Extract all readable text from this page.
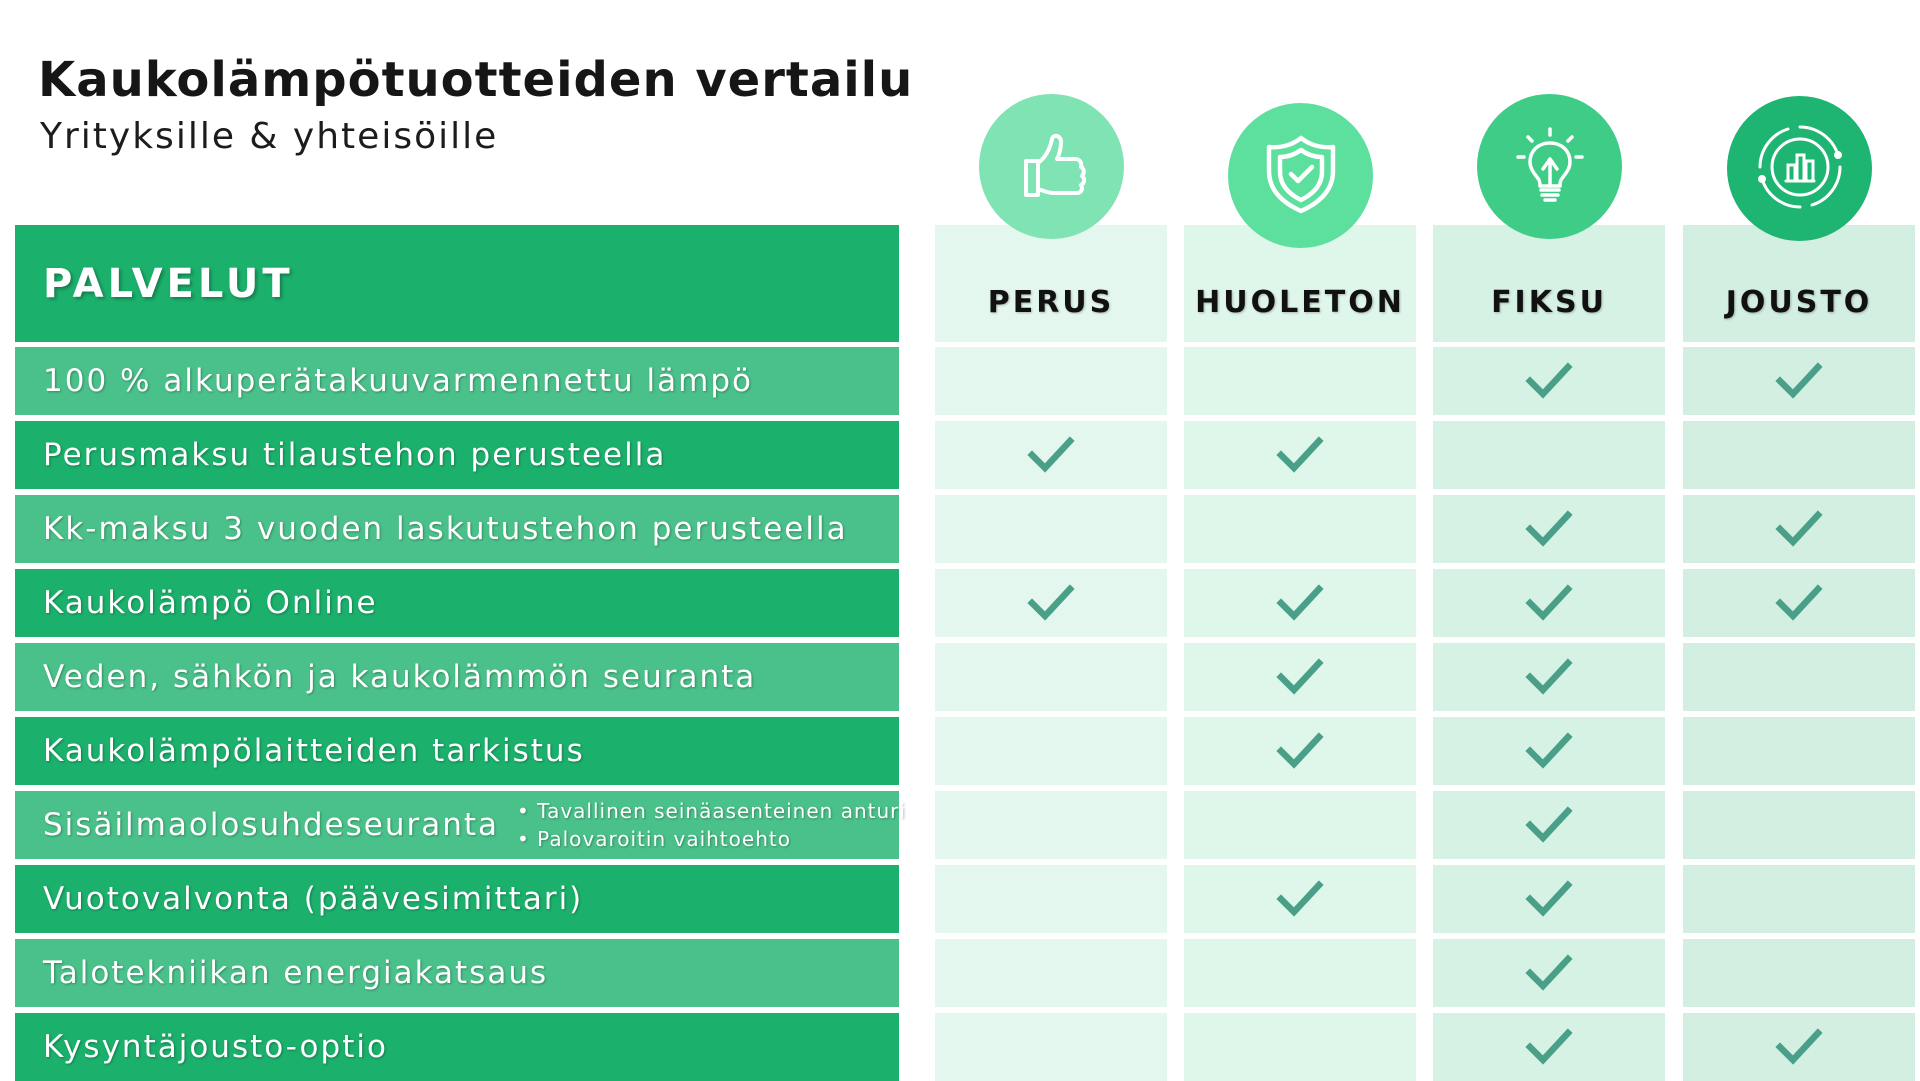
Kaukolämpötuotteiden vertailu
Yrityksille & yhteisöille
PALVELUT	PERUS	HUOLETON	FIKSU	JOUSTO
100 % alkuperätakuuvarmennettu lämpö
Perusmaksu tilaustehon perusteella
Kk-maksu 3 vuoden laskutustehon perusteella
Kaukolämpö Online
Veden, sähkön ja kaukolämmön seuranta
Kaukolämpölaitteiden tarkistus
Sisäilmaolosuhdeseuranta
•	Tavallinen seinäasenteinen anturi
• Palovaroitin vaihtoehto
Vuotovalvonta (päävesimittari)
Talotekniikan energiakatsaus
Kysyntäjousto-optio
